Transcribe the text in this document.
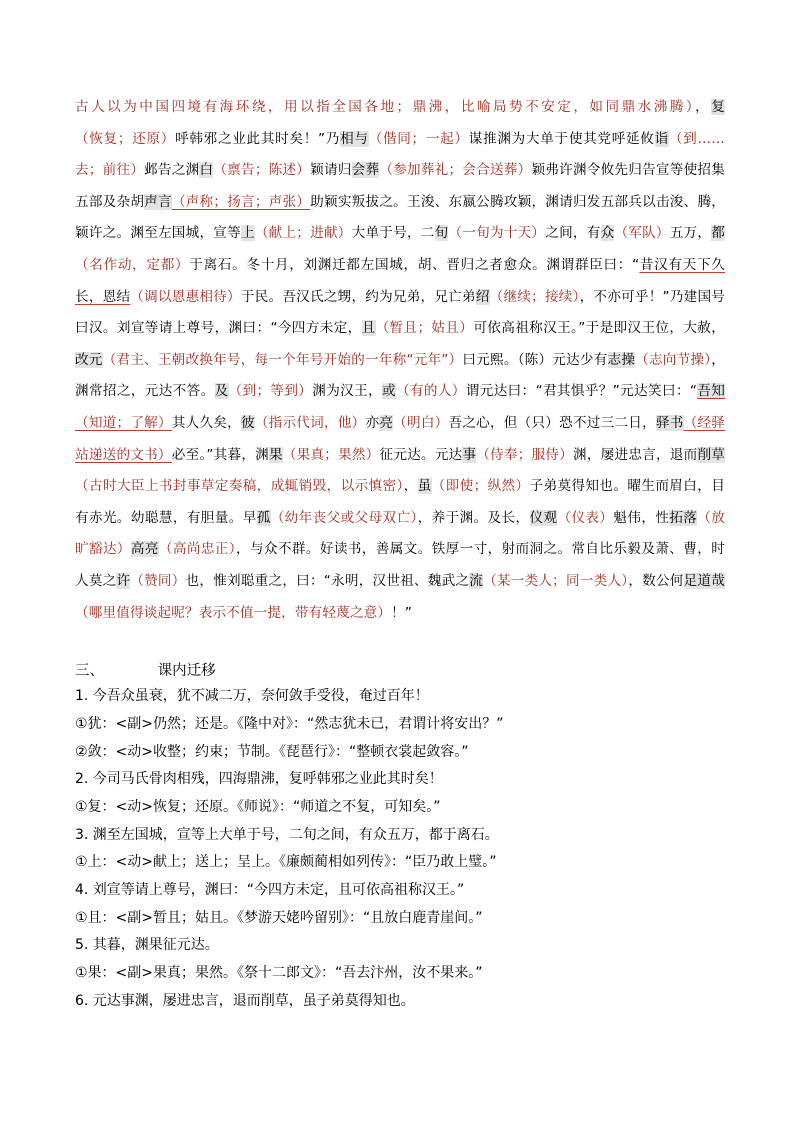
古人以为中国四境有海环绕，用以指全国各地；鼎沸，比喻局势不安定，如同鼎水沸腾），复（恢复；还原）呼韩邪之业此其时矣！”乃相与（偕同；一起）谋推渊为大单于使其党呼延攸诣（到……去；前往）邺告之渊白（禀告；陈述）颖请归会葬（参加葬礼；会合送葬）颖弗许渊令攸先归告宣等使招集五部及杂胡声言（声称；扬言；声张）助颖实叛拔之。王浚、东嬴公腾攻颖，渊请归发五部兵以击浚、腾，颖许之。渊至左国城，宣等上（献上；进献）大单于号，二旬（一旬为十天）之间，有众（军队）五万，都（名作动，定都）于离石。冬十月，刘渊迁都左国城，胡、晋归之者愈众。渊谓群臣曰：“昔汉有天下久长，恩结（调以恩惠相待）于民。吾汉氏之甥，约为兄弟，兄亡弟绍（继续；接续），不亦可乎！”乃建国号曰汉。刘宣等请上尊号，渊曰：“今四方未定，且（暂且；姑且）可依高祖称汉王。”于是即汉王位，大赦，改元（君主、王朝改换年号，每一个年号开始的一年称“元年”）曰元熙。（陈）元达少有志操（志向节操），渊常招之，元达不答。及（到；等到）渊为汉王，或（有的人）谓元达曰：“君其惧乎？”元达笑曰：“吾知（知道；了解）其人久矣，彼（指示代词，他）亦亮（明白）吾之心，但（只）恐不过三二日，驿书（经驿站递送的文书）必至。”其暮，渊果（果真；果然）征元达。元达事（侍奉；服侍）渊，屡进忠言，退而削草（古时大臣上书封事草定奏稿，成辄销毁，以示慎密），虽（即使；纵然）子弟莫得知也。曜生而眉白，目有赤光。幼聪慧，有胆量。早孤（幼年丧父或父母双亡），养于渊。及长，仪观（仪表）魁伟，性拓落（放旷豁达）高亮（高尚忠正），与众不群。好读书，善属文。铁厚一寸，射而洞之。常自比乐毅及萧、曹，时人莫之许（赞同）也，惟刘聪重之，曰：“永明，汉世祖、魏武之流（某一类人；同一类人），数公何足道哉（哪里值得谈起呢？表示不值一提，带有轻蔑之意）！”
三、	课内迁移
1. 今吾众虽衰，犹不减二万，奈何敛手受役，奄过百年！
①犹：<副>仍然；还是。《隆中对》：“然志犹未已，君谓计将安出？”
②敛：<动>收整；约束；节制。《琵琶行》：“整顿衣裳起敛容。”
2. 今司马氏骨肉相残，四海鼎沸，复呼韩邪之业此其时矣！
①复：<动>恢复；还原。《师说》：“师道之不复，可知矣。”
3. 渊至左国城，宣等上大单于号，二旬之间，有众五万，都于离石。
①上：<动>献上；送上；呈上。《廉颇蔺相如列传》：“臣乃敢上璧。”
4. 刘宣等请上尊号，渊曰：“今四方未定，且可依高祖称汉王。”
①且：<副>暂且；姑且。《梦游天姥吟留别》：“且放白鹿青崖间。”
5. 其暮，渊果征元达。
①果：<副>果真；果然。《祭十二郎文》：“吾去汴州，汝不果来。”
6. 元达事渊，屡进忠言，退而削草，虽子弟莫得知也。
